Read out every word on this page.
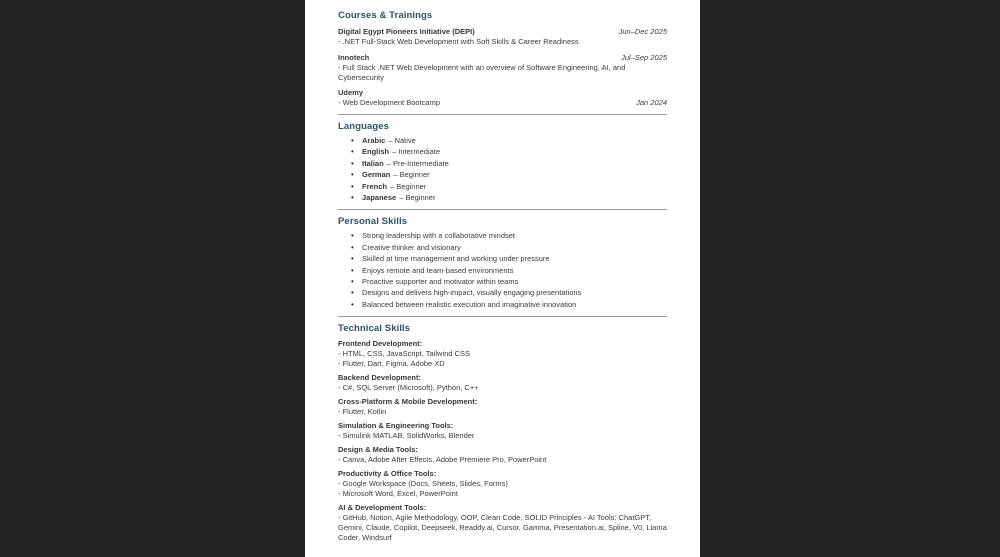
Courses & Trainings
Digital Egypt Pioneers Initiative (DEPI)	Jun–Dec 2025
- .NET Full-Stack Web Development with Soft Skills & Career Readiness
Innotech	Jul–Sep 2025
- Full Stack .NET Web Development with an overview of Software Engineering, AI, and Cybersecurity
Udemy
- Web Development Bootcamp	Jan 2024
Languages
• Arabic – Native
• English – Intermediate
• Italian – Pre-Intermediate
• German – Beginner
• French – Beginner
• Japanese – Beginner
Personal Skills
• Strong leadership with a collaborative mindset
• Creative thinker and visionary
• Skilled at time management and working under pressure
• Enjoys remote and team-based environments
• Proactive supporter and motivator within teams
• Designs and delivers high-impact, visually engaging presentations
• Balanced between realistic execution and imaginative innovation
Technical Skills
Frontend Development:
- HTML, CSS, JavaScript, Tailwind CSS
- Flutter, Dart, Figma, Adobe XD
Backend Development:
- C#, SQL Server (Microsoft), Python, C++
Cross-Platform & Mobile Development:
- Flutter, Kotlin
Simulation & Engineering Tools:
- Simulink MATLAB, SolidWorks, Blender
Design & Media Tools:
- Canva, Adobe After Effects, Adobe Premiere Pro, PowerPoint
Productivity & Office Tools:
- Google Workspace (Docs, Sheets, Slides, Forms)
- Microsoft Word, Excel, PowerPoint
AI & Development Tools:
- GitHub, Notion, Agile Methodology, OOP, Clean Code, SOLID Principles - AI Tools: ChatGPT, Gemini, Claude, Copilot, Deepseek, Readdy.ai, Cursor, Gamma, Presentation.ai, Spline, V0, Llama Coder, Windsurf
